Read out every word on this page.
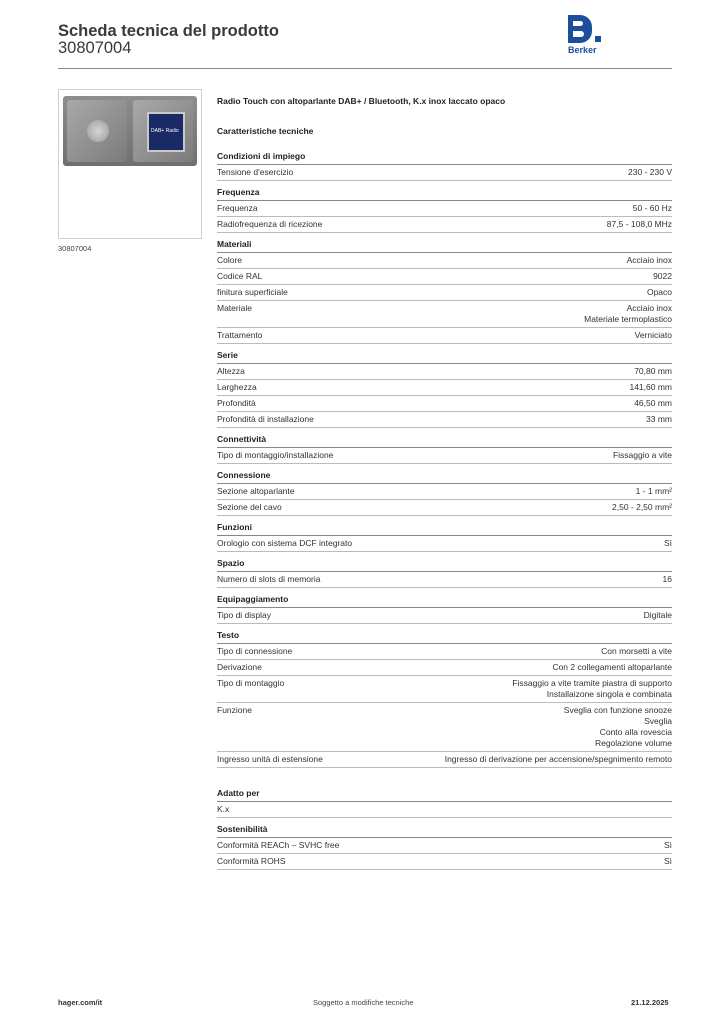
Scheda tecnica del prodotto
30807004	Berker
DAB+ Radio
30807004
Radio Touch con altoparlante DAB+ / Bluetooth, K.x inox laccato opaco
Caratteristiche tecniche
Condizioni di impiego
Tensione d'esercizio	230 - 230 V
Frequenza
Frequenza	50 - 60 Hz
Radiofrequenza di ricezione	87,5 - 108,0 MHz
Materiali
Colore	Acciaio inox
Codice RAL	9022
finitura superficiale	Opaco
Materiale	Acciaio inox
Materiale termoplastico
Trattamento	Verniciato
Serie
Altezza	70,80 mm
Larghezza	141,60 mm
Profondità	46,50 mm
Profondità di installazione	33 mm
Connettività
Tipo di montaggio/installazione	Fissaggio a vite
Connessione
Sezione altoparlante	1 - 1 mm²
Sezione del cavo	2,50 - 2,50 mm²
Funzioni
Orologio con sistema DCF integrato	Sì
Spazio
Numero di slots di memoria	16
Equipaggiamento
Tipo di display	Digitale
Testo
Tipo di connessione	Con morsetti a vite
Derivazione	Con 2 collegamenti altoparlante
Tipo di montaggio	Fissaggio a vite tramite piastra di supporto
Installaizone singola e combinata
Funzione	Sveglia con funzione snooze
Sveglia
Conto alla rovescia
Regolazione volume
Ingresso unità di estensione	Ingresso di derivazione per accensione/spegnimento remoto
Adatto per
K.x

Sostenibilità
Conformità REACh – SVHC free	Sì
Conformità ROHS	Sì
hager.com/it	Soggetto a modifiche tecniche	21.12.2025
